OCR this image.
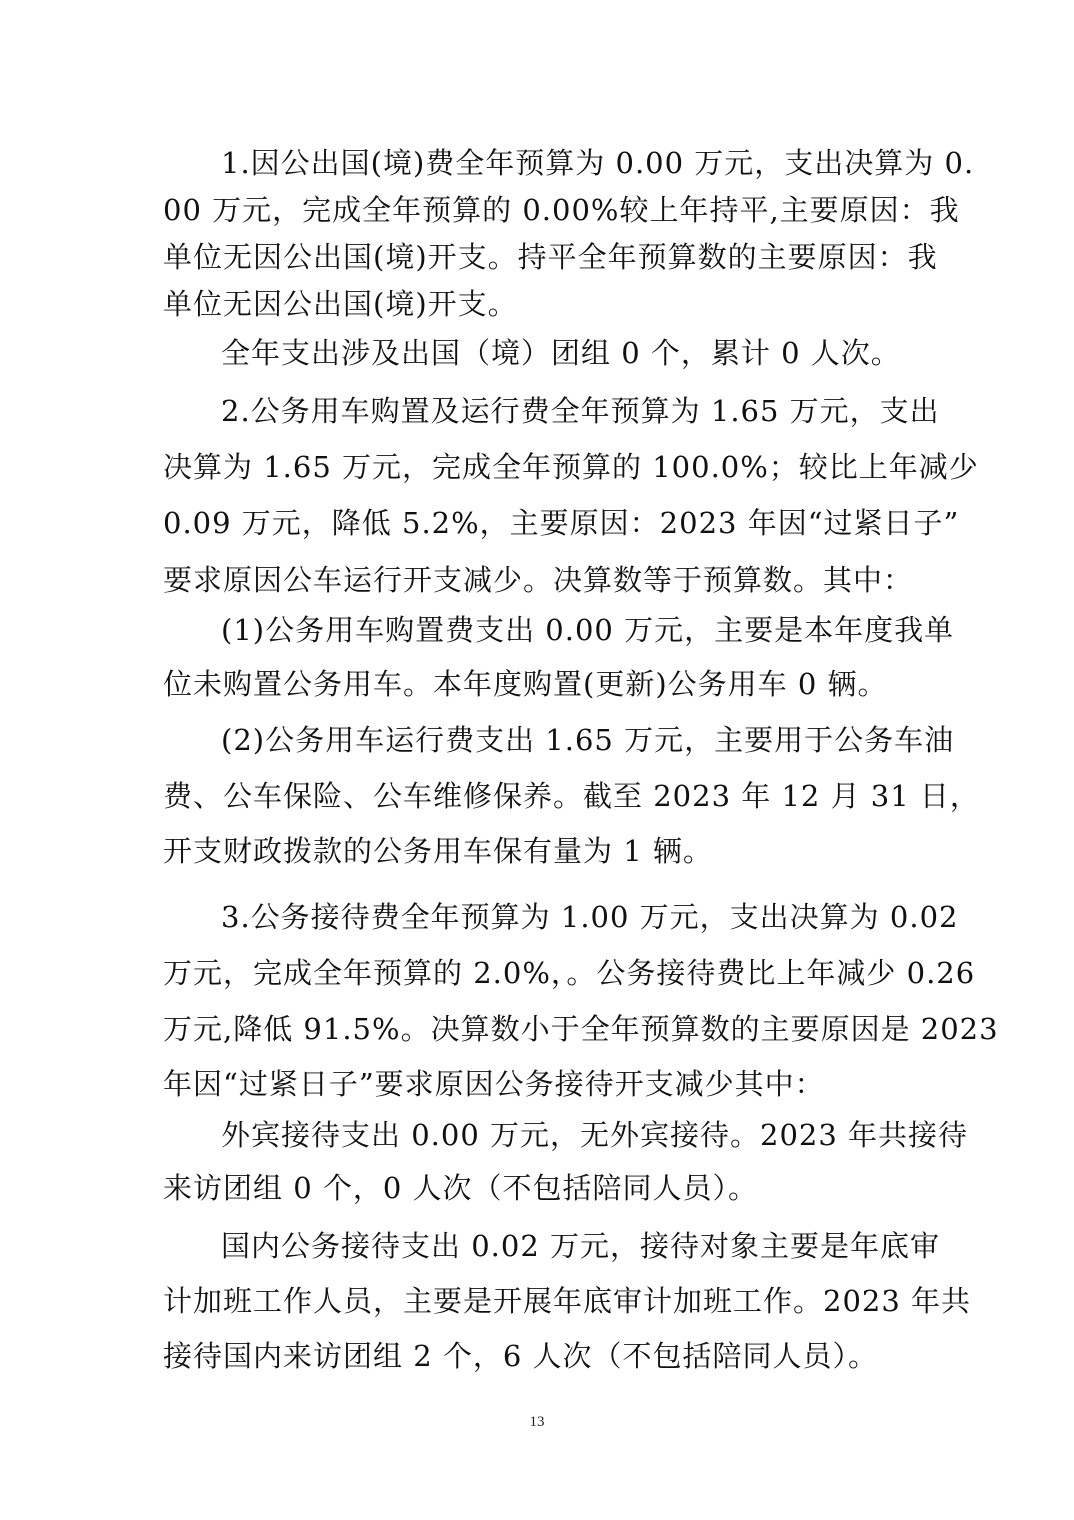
1.因公出国(境)费全年预算为 0.00 万元，支出决算为 0.
00 万元，完成全年预算的 0.00%较上年持平,主要原因：我
单位无因公出国(境)开支。持平全年预算数的主要原因：我
单位无因公出国(境)开支。
全年支出涉及出国（境）团组 0 个，累计 0 人次。
2.公务用车购置及运行费全年预算为 1.65 万元，支出
决算为 1.65 万元，完成全年预算的 100.0%；较比上年减少
0.09 万元，降低 5.2%，主要原因：2023 年因“过紧日子”
要求原因公车运行开支减少。决算数等于预算数。其中：
(1)公务用车购置费支出 0.00 万元，主要是本年度我单
位未购置公务用车。本年度购置(更新)公务用车 0 辆。
(2)公务用车运行费支出 1.65 万元，主要用于公务车油
费、公车保险、公车维修保养。截至 2023 年 12 月 31 日，
开支财政拨款的公务用车保有量为 1 辆。
3.公务接待费全年预算为 1.00 万元，支出决算为 0.02
万元，完成全年预算的 2.0%，。公务接待费比上年减少 0.26
万元,降低 91.5%。决算数小于全年预算数的主要原因是 2023
年因“过紧日子”要求原因公务接待开支减少其中：
外宾接待支出 0.00 万元，无外宾接待。2023 年共接待
来访团组 0 个，0 人次（不包括陪同人员）。
国内公务接待支出 0.02 万元，接待对象主要是年底审
计加班工作人员，主要是开展年底审计加班工作。2023 年共
接待国内来访团组 2 个，6 人次（不包括陪同人员）。
13
